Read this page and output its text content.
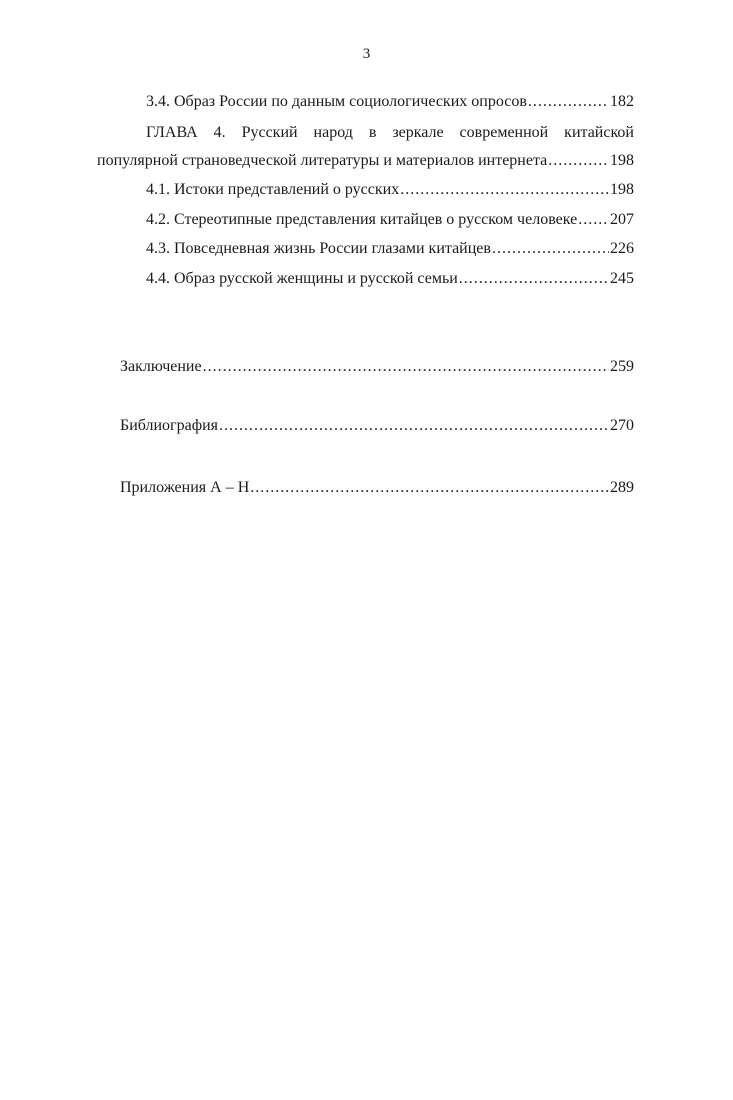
3
3.4. Образ России по данным социологических опросов .....	182
ГЛАВА 4. Русский народ в зеркале современной китайской
популярной страноведческой литературы и материалов интернета .....	198
4.1. Истоки представлений о русских .....	198
4.2. Стереотипные представления китайцев о русском человеке ..... 207
4.3. Повседневная жизнь России глазами китайцев .....	226
4.4. Образ русской женщины и русской семьи .....	245
Заключение .....	259
Библиография .....	270
Приложения А – Н .....	289
